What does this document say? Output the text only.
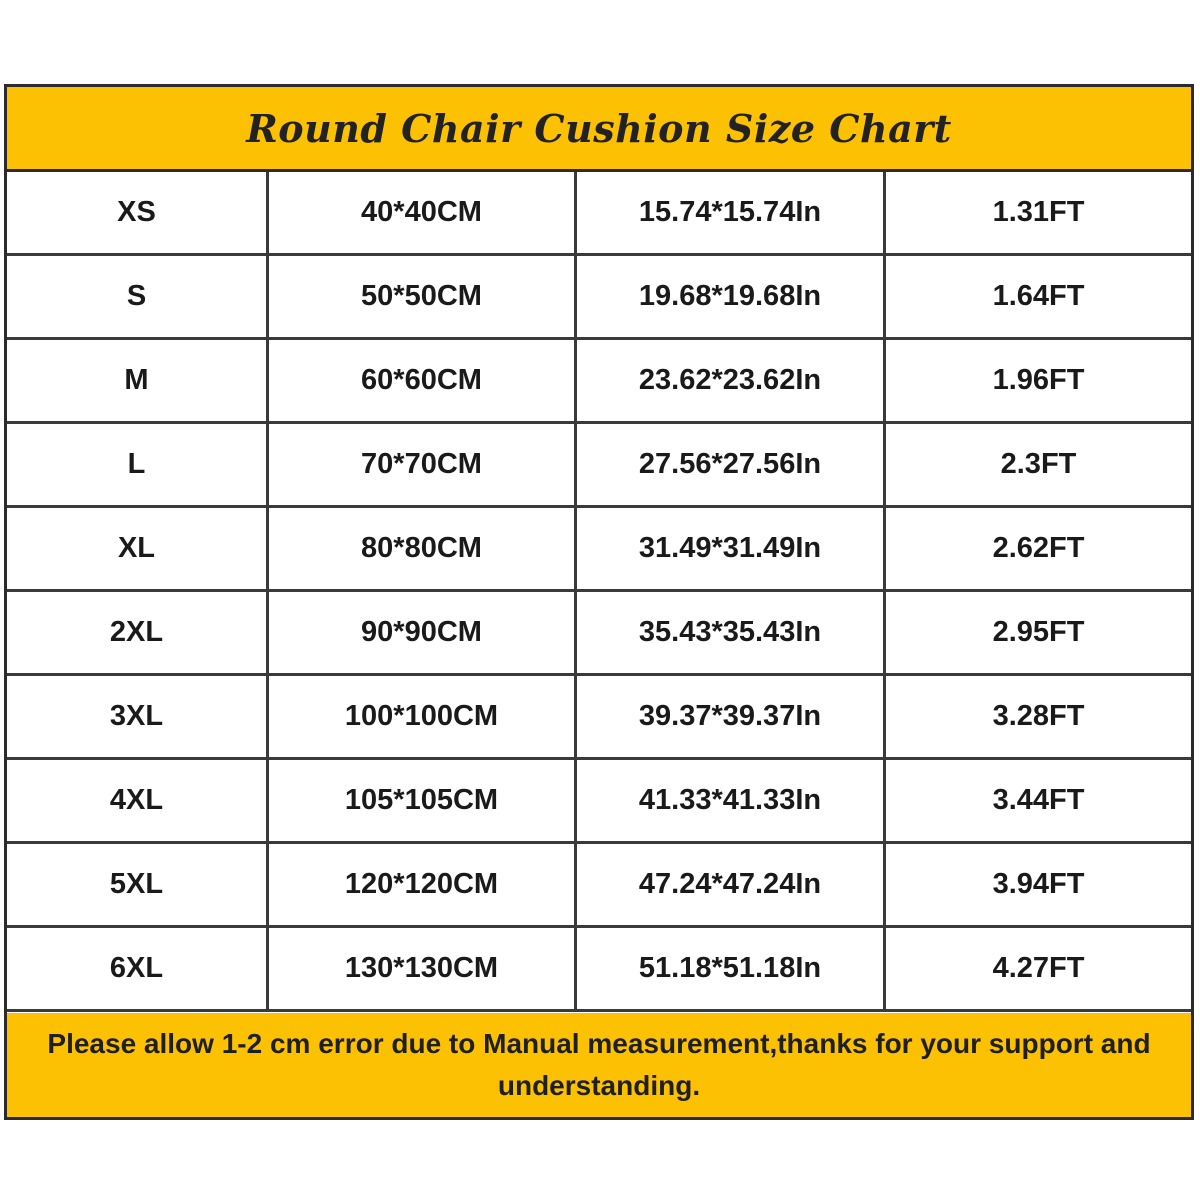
Round Chair Cushion Size Chart
XS	40*40CM	15.74*15.74In	1.31FT
S	50*50CM	19.68*19.68In	1.64FT
M	60*60CM	23.62*23.62In	1.96FT
L	70*70CM	27.56*27.56In	2.3FT
XL	80*80CM	31.49*31.49In	2.62FT
2XL	90*90CM	35.43*35.43In	2.95FT
3XL	100*100CM	39.37*39.37In	3.28FT
4XL	105*105CM	41.33*41.33In	3.44FT
5XL	120*120CM	47.24*47.24In	3.94FT
6XL	130*130CM	51.18*51.18In	4.27FT
Please allow 1-2 cm error due to Manual measurement,thanks for your support and understanding.
